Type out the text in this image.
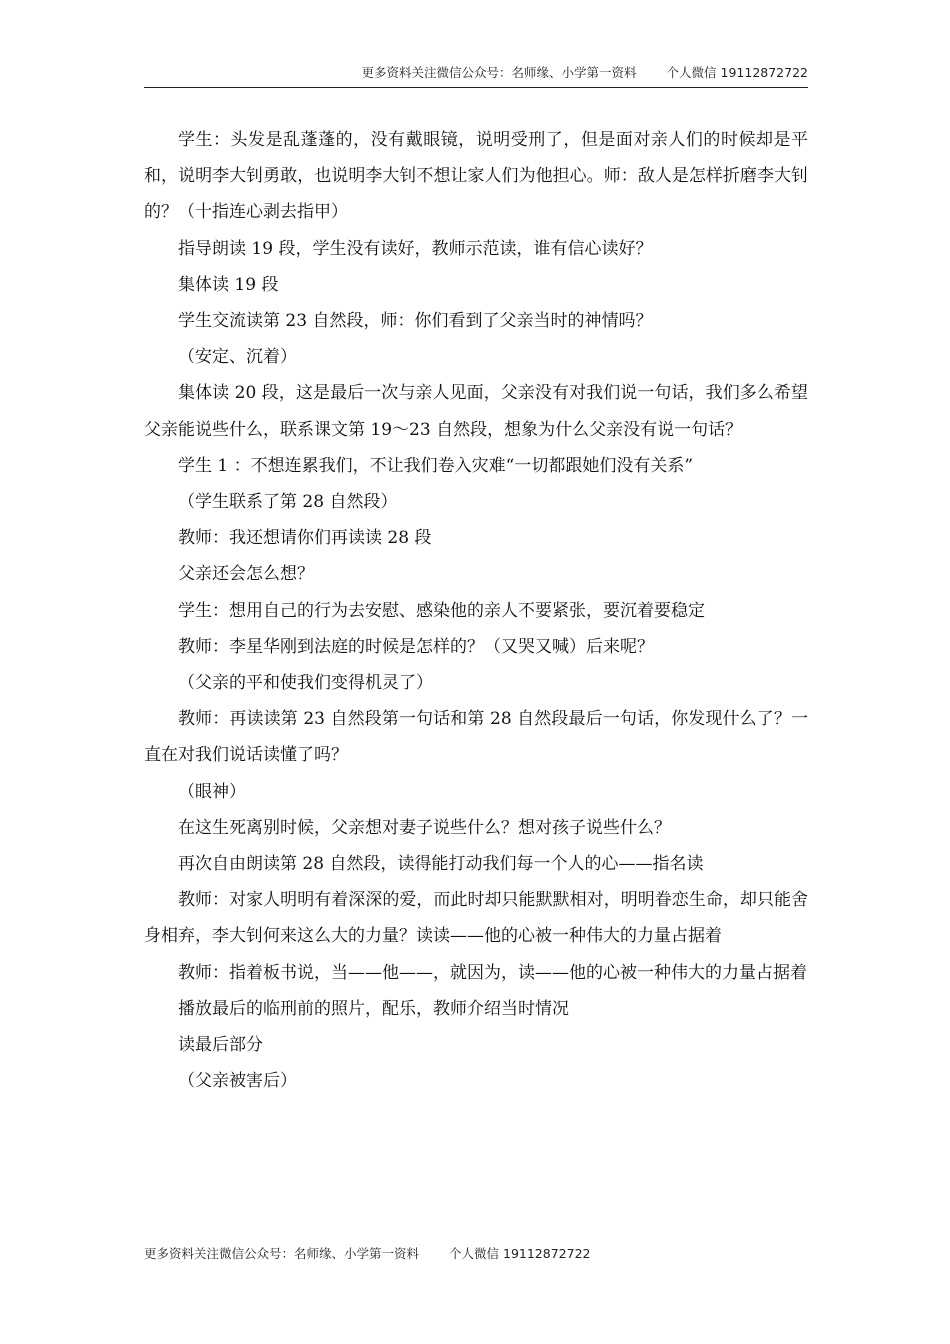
更多资料关注微信公众号：名师缘、小学第一资料 个人微信 19112872722

学生：头发是乱蓬蓬的，没有戴眼镜，说明受刑了，但是面对亲人们的时候却是平和，说明李大钊勇敢，也说明李大钊不想让家人们为他担心。师：敌人是怎样折磨李大钊的？（十指连心剥去指甲）

指导朗读 19 段，学生没有读好，教师示范读，谁有信心读好？

集体读 19 段

学生交流读第 23 自然段，师：你们看到了父亲当时的神情吗？

（安定、沉着）

集体读 20 段，这是最后一次与亲人见面，父亲没有对我们说一句话，我们多么希望父亲能说些什么，联系课文第 19～23 自然段，想象为什么父亲没有说一句话？

学生 1 ：不想连累我们，不让我们卷入灾难“一切都跟她们没有关系”

（学生联系了第 28 自然段）

教师：我还想请你们再读读 28 段

父亲还会怎么想？

学生：想用自己的行为去安慰、感染他的亲人不要紧张，要沉着要稳定

教师：李星华刚到法庭的时候是怎样的？（又哭又喊）后来呢？

（父亲的平和使我们变得机灵了）

教师：再读读第 23 自然段第一句话和第 28 自然段最后一句话，你发现什么了？一直在对我们说话读懂了吗？

（眼神）

在这生死离别时候，父亲想对妻子说些什么？想对孩子说些什么？

再次自由朗读第 28 自然段，读得能打动我们每一个人的心——指名读

教师：对家人明明有着深深的爱，而此时却只能默默相对，明明眷恋生命，却只能舍身相弃，李大钊何来这么大的力量？读读——他的心被一种伟大的力量占据着

教师：指着板书说，当——他——，就因为，读——他的心被一种伟大的力量占据着

播放最后的临刑前的照片，配乐，教师介绍当时情况

读最后部分

（父亲被害后）

更多资料关注微信公众号：名师缘、小学第一资料 个人微信 19112872722
